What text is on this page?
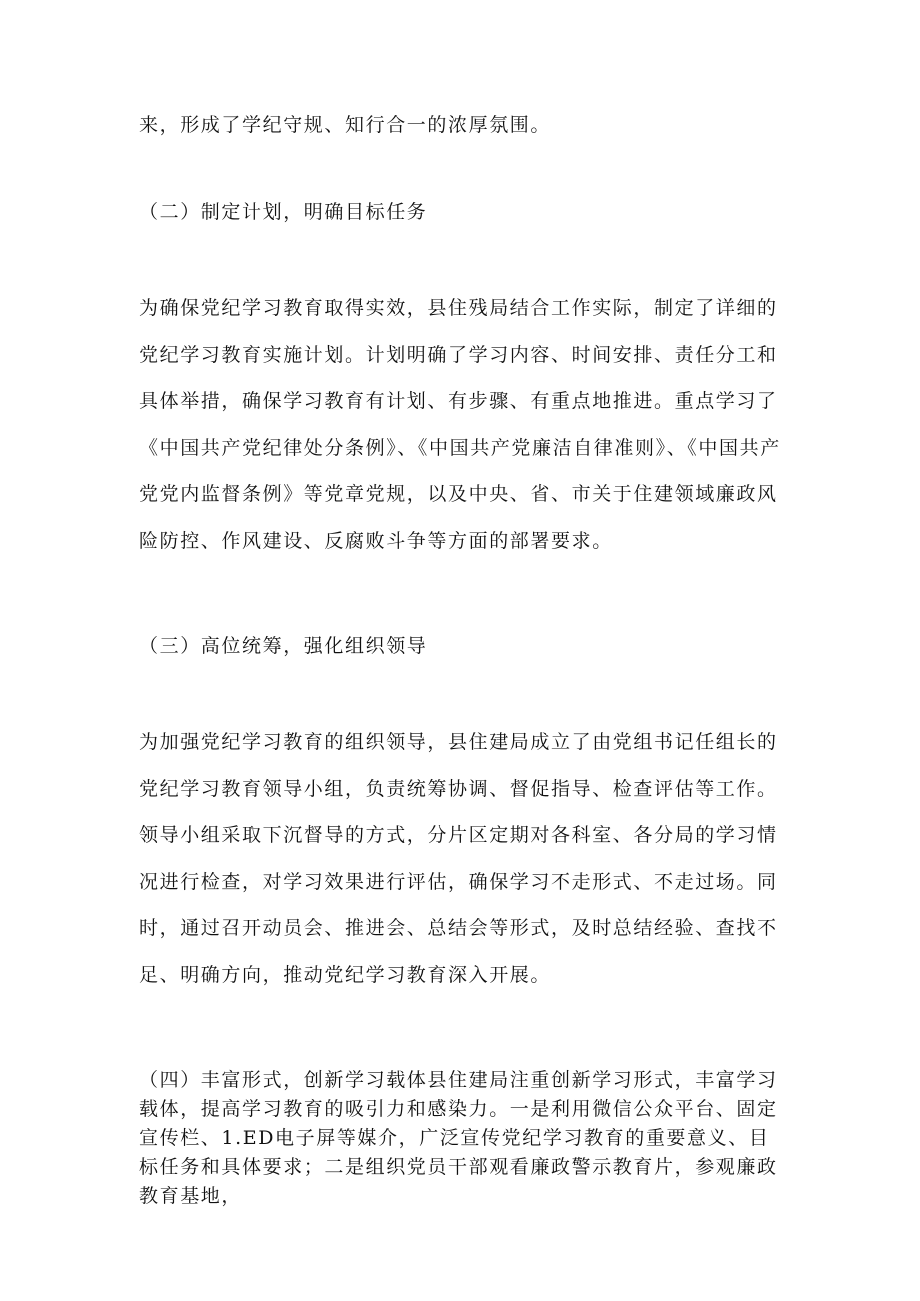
来，形成了学纪守规、知行合一的浓厚氛围。

（二）制定计划，明确目标任务

为确保党纪学习教育取得实效，县住残局结合工作实际，制定了详细的党纪学习教育实施计划。计划明确了学习内容、时间安排、责任分工和具体举措，确保学习教育有计划、有步骤、有重点地推进。重点学习了《中国共产党纪律处分条例》、《中国共产党廉洁自律准则》、《中国共产党党内监督条例》等党章党规，以及中央、省、市关于住建领域廉政风险防控、作风建设、反腐败斗争等方面的部署要求。

（三）高位统筹，强化组织领导

为加强党纪学习教育的组织领导，县住建局成立了由党组书记任组长的党纪学习教育领导小组，负责统筹协调、督促指导、检查评估等工作。领导小组采取下沉督导的方式，分片区定期对各科室、各分局的学习情况进行检查，对学习效果进行评估，确保学习不走形式、不走过场。同时，通过召开动员会、推进会、总结会等形式，及时总结经验、查找不足、明确方向，推动党纪学习教育深入开展。

（四）丰富形式，创新学习载体县住建局注重创新学习形式，丰富学习载体，提高学习教育的吸引力和感染力。一是利用微信公众平台、固定宣传栏、1.ED电子屏等媒介，广泛宣传党纪学习教育的重要意义、目标任务和具体要求；二是组织党员干部观看廉政警示教育片，参观廉政教育基地，
